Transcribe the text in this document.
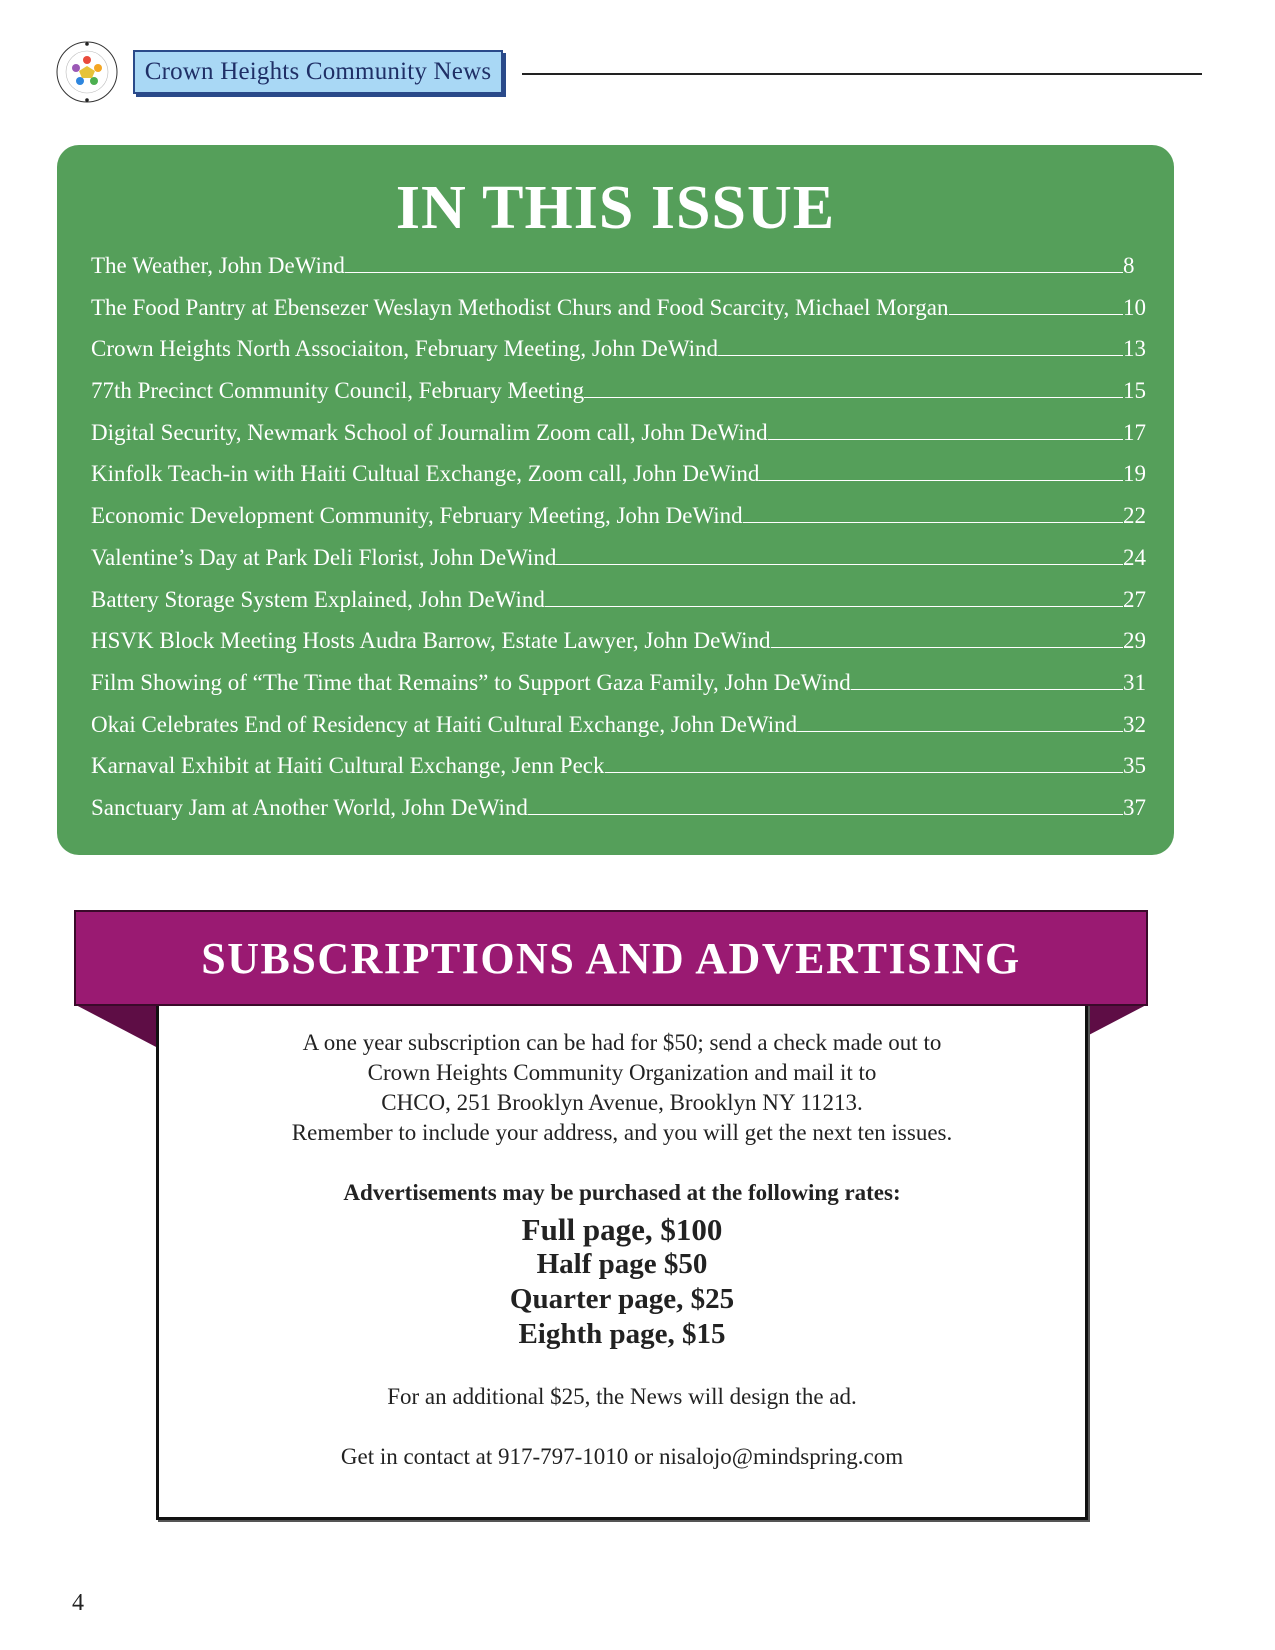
Crown Heights Community News
IN THIS ISSUE
The Weather, John DeWind	8
The Food Pantry at Ebensezer Weslayn Methodist Churs and Food Scarcity, Michael Morgan	10
Crown Heights North Associaiton, February Meeting, John DeWind	13
77th Precinct Community Council, February Meeting	15
Digital Security, Newmark School of Journalim Zoom call, John DeWind	17
Kinfolk Teach-in with Haiti Cultual Exchange, Zoom call, John DeWind	19
Economic Development Community, February Meeting, John DeWind	22
Valentine’s Day at Park Deli Florist, John DeWind	24
Battery Storage System Explained, John DeWind	27
HSVK Block Meeting Hosts Audra Barrow, Estate Lawyer, John DeWind	29
Film Showing of “The Time that Remains” to Support Gaza Family, John DeWind	31
Okai Celebrates End of Residency at Haiti Cultural Exchange, John DeWind	32
Karnaval Exhibit at Haiti Cultural Exchange, Jenn Peck	35
Sanctuary Jam at Another World, John DeWind	37
SUBSCRIPTIONS AND ADVERTISING
A one year subscription can be had for $50; send a check made out to
Crown Heights Community Organization and mail it to
CHCO, 251 Brooklyn Avenue, Brooklyn NY 11213.
Remember to include your address, and you will get the next ten issues.
Advertisements may be purchased at the following rates:
Full page, $100
Half page $50
Quarter page, $25
Eighth page, $15
For an additional $25, the News will design the ad.
Get in contact at 917-797-1010 or nisalojo@mindspring.com
4
